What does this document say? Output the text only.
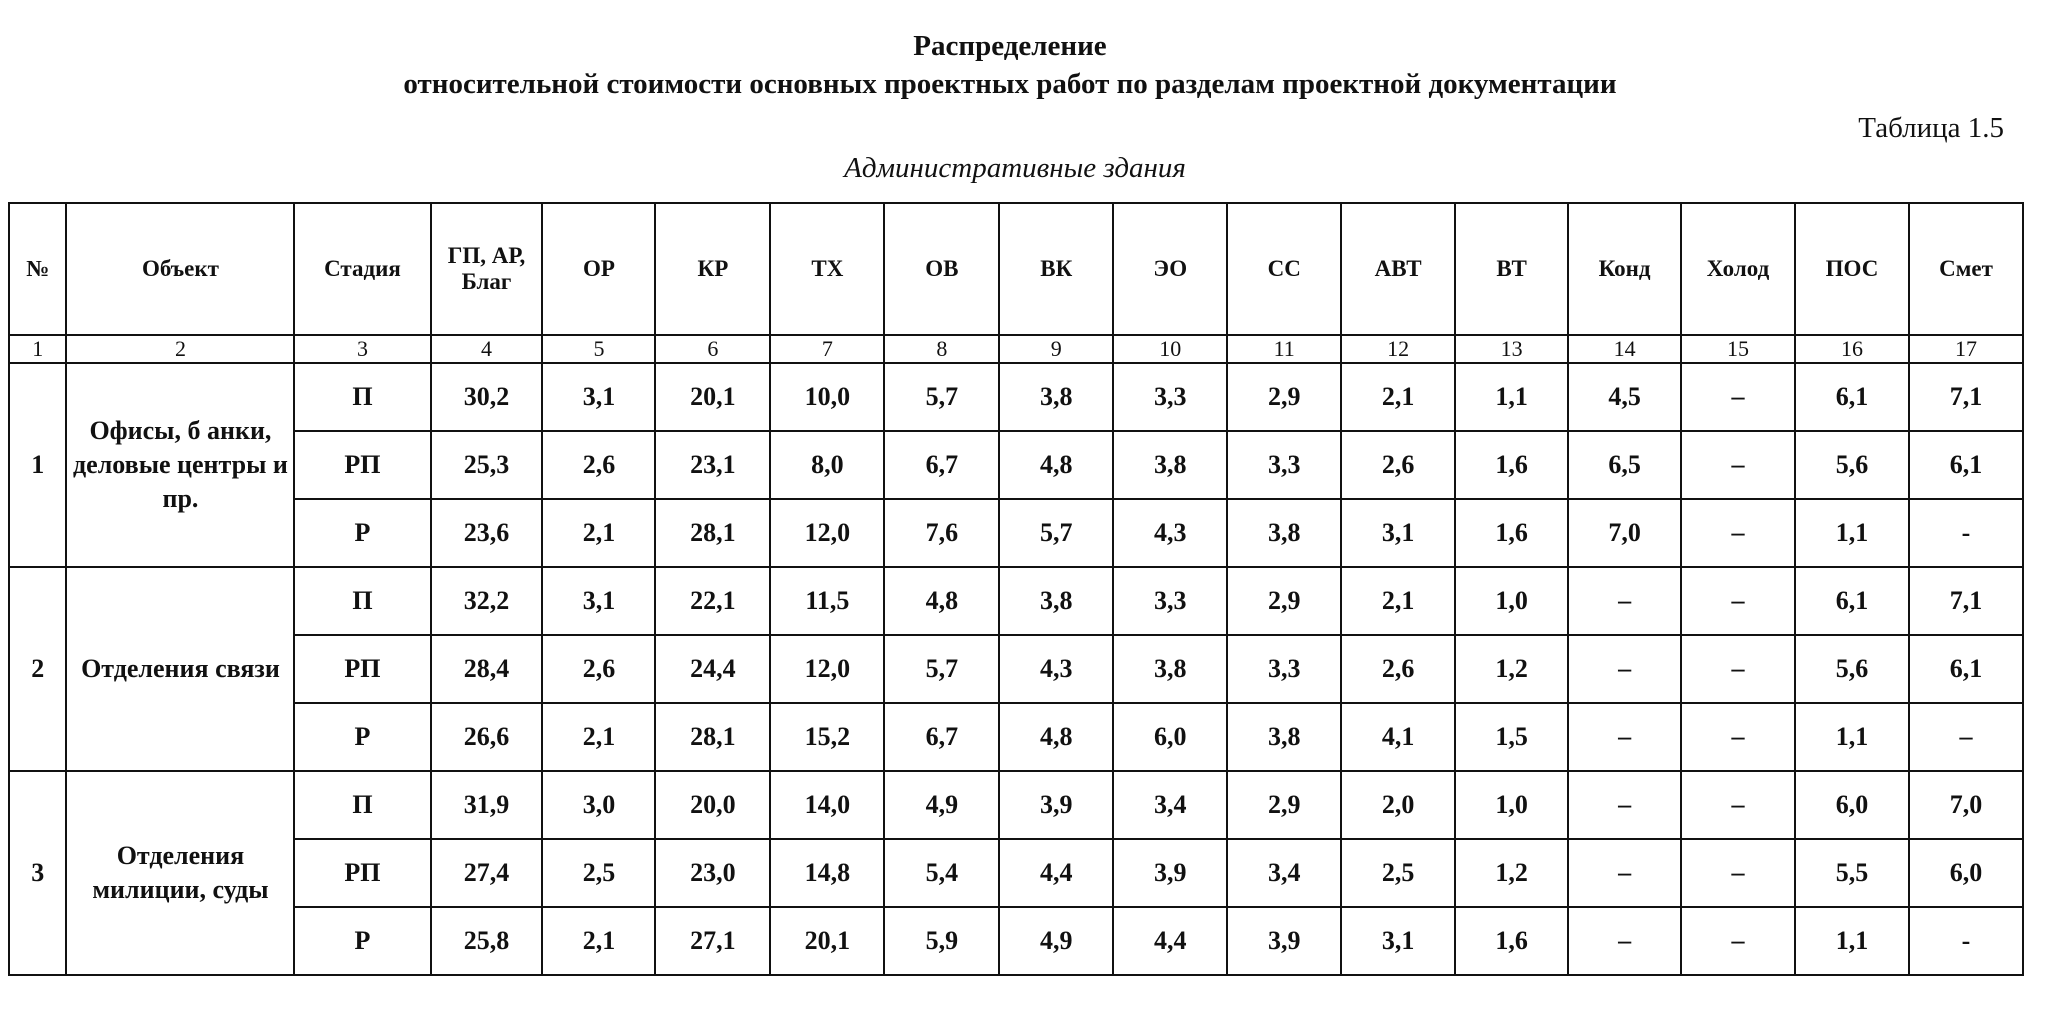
Распределение
относительной стоимости основных проектных работ по разделам проектной документации
Таблица 1.5
Административные здания
№	Объект	Стадия	ГП, АР, Благ	ОР	КР	ТХ	ОВ	ВК	ЭО	СС	АВТ	ВТ	Конд	Холод	ПОС	Смет
1	2	3	4	5	6	7	8	9	10	11	12	13	14	15	16	17
1	Офисы, б анки, деловые центры и пр.	П	30,2	3,1	20,1	10,0	5,7	3,8	3,3	2,9	2,1	1,1	4,5	–	6,1	7,1
		РП	25,3	2,6	23,1	8,0	6,7	4,8	3,8	3,3	2,6	1,6	6,5	–	5,6	6,1
		Р	23,6	2,1	28,1	12,0	7,6	5,7	4,3	3,8	3,1	1,6	7,0	–	1,1	-
2	Отделения связи	П	32,2	3,1	22,1	11,5	4,8	3,8	3,3	2,9	2,1	1,0	–	–	6,1	7,1
		РП	28,4	2,6	24,4	12,0	5,7	4,3	3,8	3,3	2,6	1,2	–	–	5,6	6,1
		Р	26,6	2,1	28,1	15,2	6,7	4,8	6,0	3,8	4,1	1,5	–	–	1,1	–
3	Отделения милиции, суды	П	31,9	3,0	20,0	14,0	4,9	3,9	3,4	2,9	2,0	1,0	–	–	6,0	7,0
		РП	27,4	2,5	23,0	14,8	5,4	4,4	3,9	3,4	2,5	1,2	–	–	5,5	6,0
		Р	25,8	2,1	27,1	20,1	5,9	4,9	4,4	3,9	3,1	1,6	–	–	1,1	-
